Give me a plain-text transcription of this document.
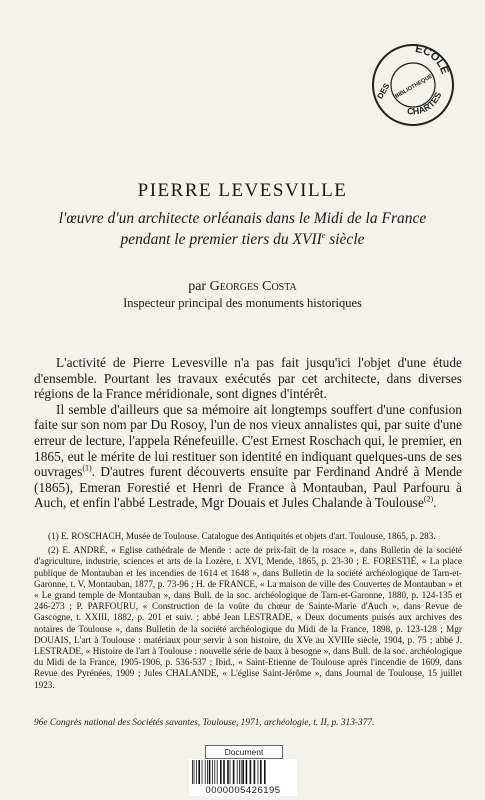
ECOLE
CHARTES
DES BIBLIOTHEQUE
PIERRE LEVESVILLE
l'œuvre d'un architecte orléanais dans le Midi de la France
pendant le premier tiers du XVIIe siècle
par Georges Costa
Inspecteur principal des monuments historiques

L'activité de Pierre Levesville n'a pas fait jusqu'ici l'objet d'une étude d'ensemble. Pourtant les travaux exécutés par cet architecte, dans diverses régions de la France méridionale, sont dignes d'intérêt.

Il semble d'ailleurs que sa mémoire ait longtemps souffert d'une confusion faite sur son nom par Du Rosoy, l'un de nos vieux annalistes qui, par suite d'une erreur de lecture, l'appela Rénefeuille. C'est Ernest Roschach qui, le premier, en 1865, eut le mérite de lui restituer son identité en indiquant quelques-uns de ses ouvrages$^{(1)}$. D'autres furent découverts ensuite par Ferdinand André à Mende (1865), Emeran Forestié et Henri de France à Montauban, Paul Parfouru à Auch, et enfin l'abbé Lestrade, Mgr Douais et Jules Chalande à Toulouse$^{(2)}$.

(1) E. ROSCHACH, Musée de Toulouse. Catalogue des Antiquités et objets d'art. Toulouse, 1865, p. 283.

(2) E. ANDRÉ, « Eglise cathédrale de Mende : acte de prix-fait de la rosace », dans Bulletin de la société d'agriculture, industrie, sciences et arts de la Lozère, t. XVI, Mende, 1865, p. 23-30 ; E. FORESTIÉ, « La place publique de Montauban et les incendies de 1614 et 1648 », dans Bulletin de la société archéologique de Tarn-et-Garonne, t. V, Montauban, 1877, p. 73-96 ; H. de FRANCE, « La maison de ville des Couvertes de Montauban » et « Le grand temple de Montauban », dans Bull. de la soc. archéologique de Tarn-et-Garonne, 1880, p. 124-135 et 246-273 ; P. PARFOURU, « Construction de la voûte du chœur de Sainte-Marie d'Auch », dans Revue de Gascogne, t. XXIII, 1882, p. 201 et suiv. ; abbé Jean LESTRADE, « Deux documents puisés aux archives des notaires de Toulouse », dans Bulletin de la société archéologique du Midi de la France, 1898, p. 123-128 ; Mgr DOUAIS, L'art à Toulouse : matériaux pour servir à son histoire, du XVe au XVIIIe siècle, 1904, p. 75 ; abbé J. LESTRADE, « Histoire de l'art à Toulouse : nouvelle série de baux à besogne », dans Bull. de la soc. archéologique du Midi de la France, 1905-1906, p. 536-537 ; Ibid., « Saint-Etienne de Toulouse après l'incendie de 1609, dans Revue des Pyrénées, 1909 ; Jules CHALANDE, « L'église Saint-Jérôme », dans Journal de Toulouse, 15 juillet 1923.

96e Congrès national des Sociétés savantes, Toulouse, 1971, archéologie, t. II, p. 313-377.
Document
0000005426195
